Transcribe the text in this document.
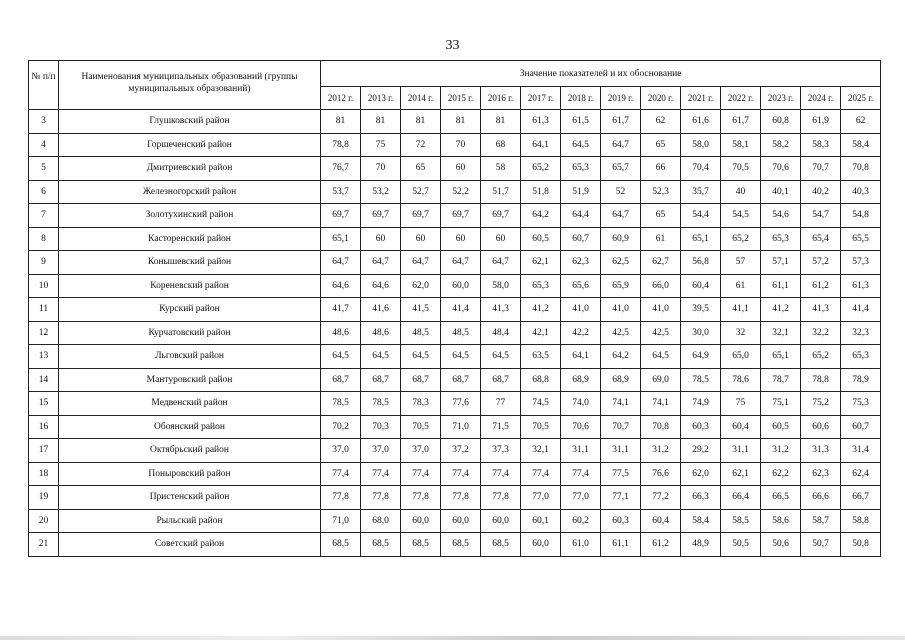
33
№ п/п	Наименования муниципальных образований (группы муниципальных образований)	Значение показателей и их обоснование													
		2012 г.	2013 г.	2014 г.	2015 г.	2016 г.	2017 г.	2018 г.	2019 г.	2020 г.	2021 г.	2022 г.	2023 г.	2024 г.	2025 г.
3	Глушковский район	81	81	81	81	81	61,3	61,5	61,7	62	61,6	61,7	60,8	61,9	62
4	Горшеченский район	78,8	75	72	70	68	64,1	64,5	64,7	65	58,0	58,1	58,2	58,3	58,4
5	Дмитриевский район	76,7	70	65	60	58	65,2	65,3	65,7	66	70,4	70,5	70,6	70,7	70,8
6	Железногорский район	53,7	53,2	52,7	52,2	51,7	51,8	51,9	52	52,3	35,7	40	40,1	40,2	40,3
7	Золотухинский район	69,7	69,7	69,7	69,7	69,7	64,2	64,4	64,7	65	54,4	54,5	54,6	54,7	54,8
8	Касторенский район	65,1	60	60	60	60	60,5	60,7	60,9	61	65,1	65,2	65,3	65,4	65,5
9	Конышевский район	64,7	64,7	64,7	64,7	64,7	62,1	62,3	62,5	62,7	56,8	57	57,1	57,2	57,3
10	Кореневский район	64,6	64,6	62,0	60,0	58,0	65,3	65,6	65,9	66,0	60,4	61	61,1	61,2	61,3
11	Курский район	41,7	41,6	41,5	41,4	41,3	41,2	41,0	41,0	41,0	39,5	41,1	41,2	41,3	41,4
12	Курчатовский район	48,6	48,6	48,5	48,5	48,4	42,1	42,2	42,5	42,5	30,0	32	32,1	32,2	32,3
13	Льговский район	64,5	64,5	64,5	64,5	64,5	63,5	64,1	64,2	64,5	64,9	65,0	65,1	65,2	65,3
14	Мантуровский район	68,7	68,7	68,7	68,7	68,7	68,8	68,9	68,9	69,0	78,5	78,6	78,7	78,8	78,9
15	Медвенский район	78,5	78,5	78,3	77,6	77	74,5	74,0	74,1	74,1	74,9	75	75,1	75,2	75,3
16	Обоянский район	70,2	70,3	70,5	71,0	71,5	70,5	70,6	70,7	70,8	60,3	60,4	60,5	60,6	60,7
17	Октябрьский район	37,0	37,0	37,0	37,2	37,3	32,1	31,1	31,1	31,2	29,2	31,1	31,2	31,3	31,4
18	Поныровский район	77,4	77,4	77,4	77,4	77,4	77,4	77,4	77,5	76,6	62,0	62,1	62,2	62,3	62,4
19	Пристенский район	77,8	77,8	77,8	77,8	77,8	77,0	77,0	77,1	77,2	66,3	66,4	66,5	66,6	66,7
20	Рыльский район	71,0	68,0	60,0	60,0	60,0	60,1	60,2	60,3	60,4	58,4	58,5	58,6	58,7	58,8
21	Советский район	68,5	68,5	68,5	68,5	68,5	60,0	61,0	61,1	61,2	48,9	50,5	50,6	50,7	50,8
